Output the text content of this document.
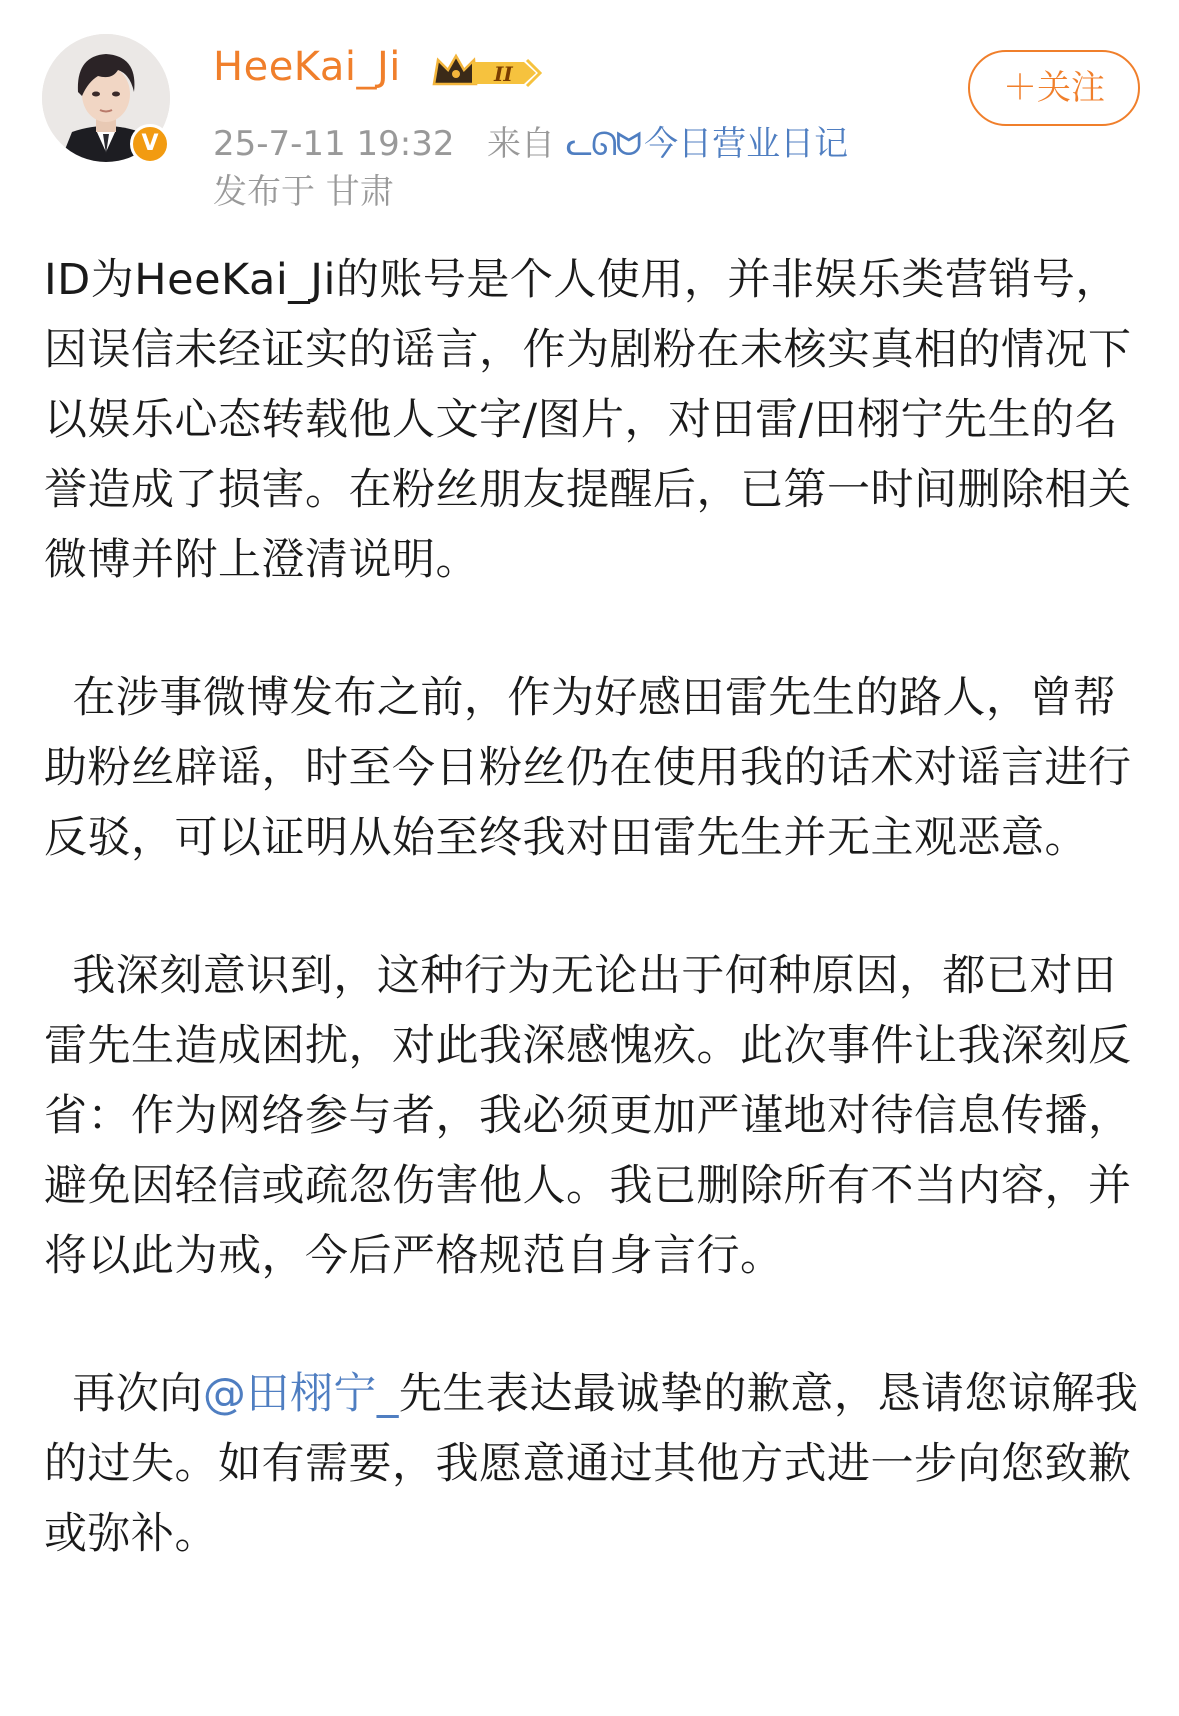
V
HeeKai_Ji	II
25-7-11 19:32 来自 ᓚᘏᗢ 今日营业日记
发布于 甘肃
＋关注

ID为HeeKai_Ji的账号是个人使用，并非娱乐类营销号，因误信未经证实的谣言，作为剧粉在未核实真相的情况下以娱乐心态转载他人文字/图片，对田雷/田栩宁先生的名誉造成了损害。在粉丝朋友提醒后，已第一时间删除相关微博并附上澄清说明。

在涉事微博发布之前，作为好感田雷先生的路人，曾帮助粉丝辟谣，时至今日粉丝仍在使用我的话术对谣言进行反驳，可以证明从始至终我对田雷先生并无主观恶意。

我深刻意识到，这种行为无论出于何种原因，都已对田雷先生造成困扰，对此我深感愧疚。此次事件让我深刻反省：作为网络参与者，我必须更加严谨地对待信息传播，避免因轻信或疏忽伤害他人。我已删除所有不当内容，并将以此为戒，今后严格规范自身言行。

再次向@田栩宁_先生表达最诚挚的歉意，恳请您谅解我的过失。如有需要，我愿意通过其他方式进一步向您致歉或弥补。
